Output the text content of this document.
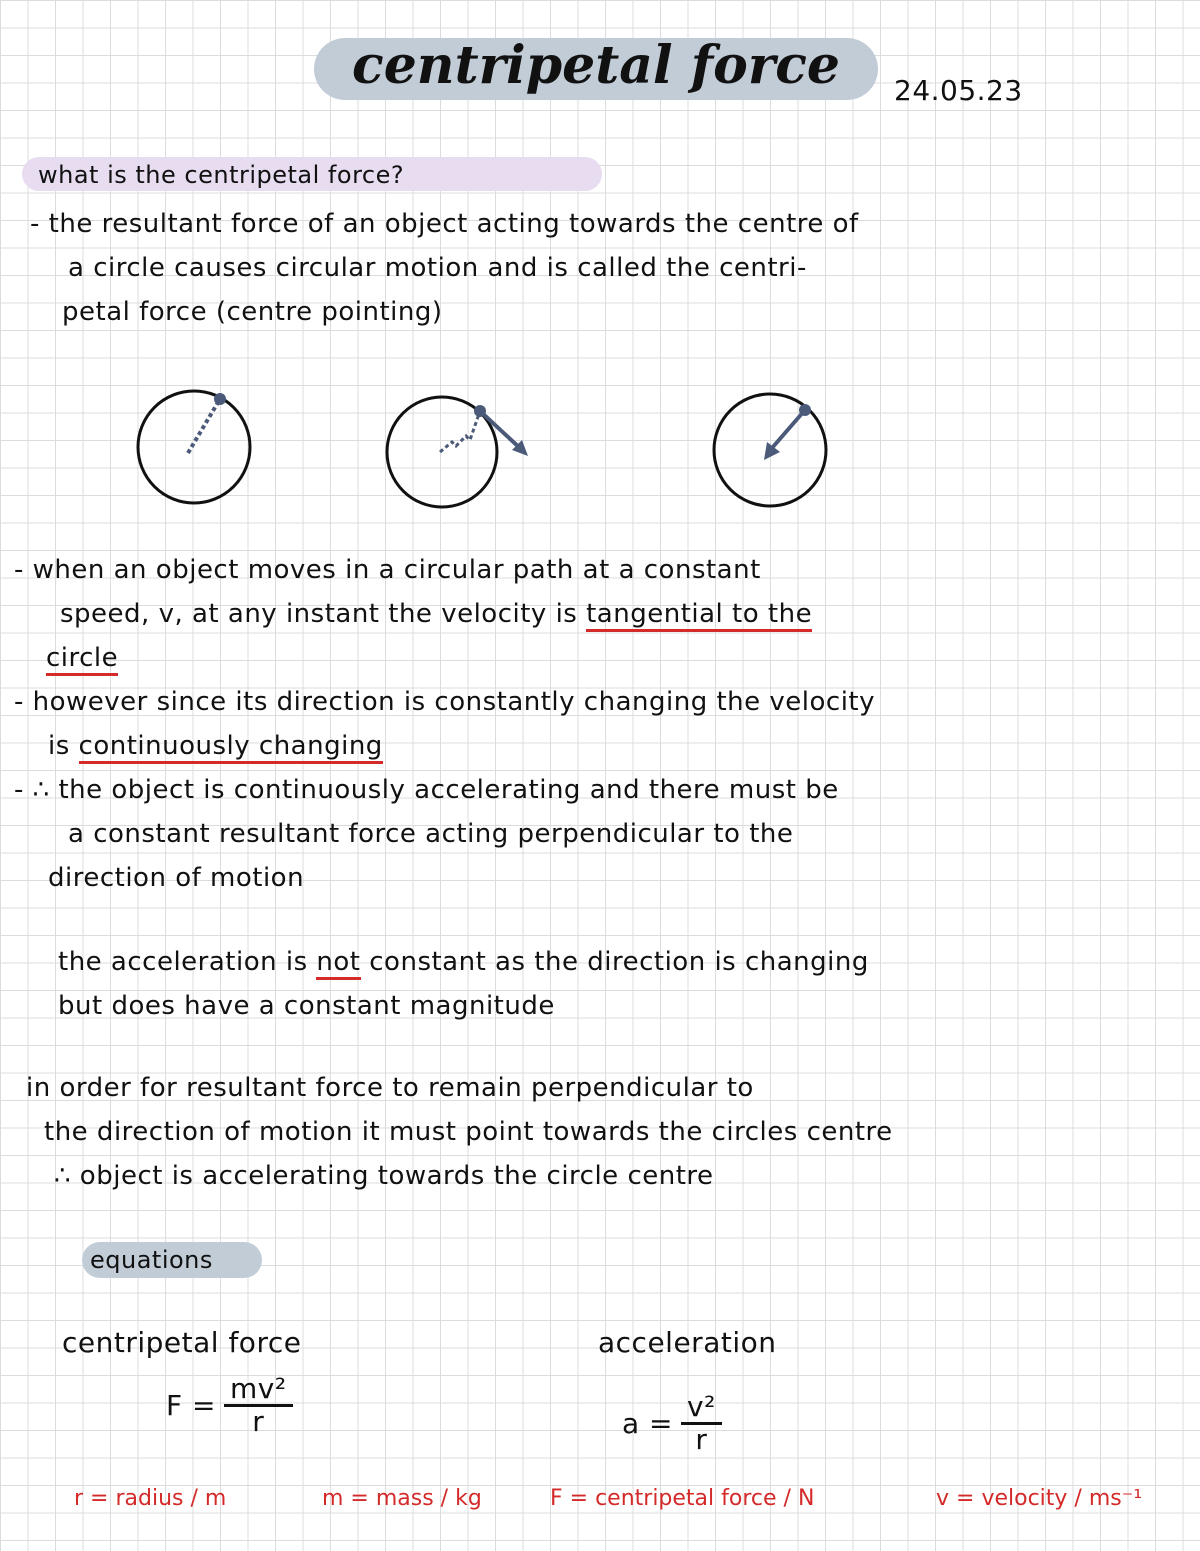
centripetal force	24.05.23
what is the centripetal force?
- the resultant force of an object acting towards the centre of
a circle causes circular motion and is called the centri-
petal force (centre pointing)
- when an object moves in a circular path at a constant
speed, v, at any instant the velocity is tangential to the
circle
- however since its direction is constantly changing the velocity
is continuously changing
- ∴ the object is continuously accelerating and there must be
a constant resultant force acting perpendicular to the
direction of motion
the acceleration is not constant as the direction is changing
but does have a constant magnitude
in order for resultant force to remain perpendicular to
the direction of motion it must point towards the circles centre
∴ object is accelerating towards the circle centre
equations
centripetal force
$F = \frac{\text{mv²}}{r}$
acceleration
$a = \frac{\text{v²}}{r}$
r = radius / m	m = mass / kg	F = centripetal force / N	v = velocity / ms⁻¹
